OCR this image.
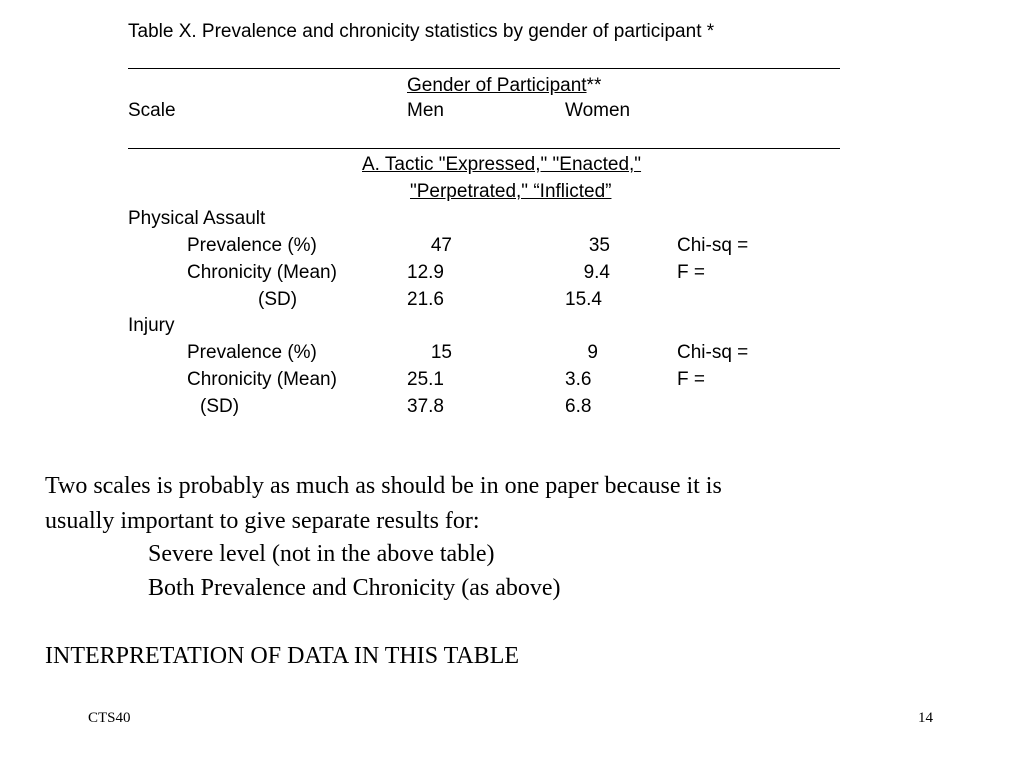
Table X. Prevalence and chronicity statistics by gender of participant *
Gender of Participant**
Scale	Men	Women
A. Tactic "Expressed," "Enacted,"
"Perpetrated," “Inflicted”
Physical Assault
Prevalence (%)	47	35	Chi-sq =
Chronicity (Mean)	12.9	9.4	F =
(SD)	21.6	15.4
Injury
Prevalence (%)	15	9	Chi-sq =
Chronicity (Mean)	25.1	3.6	F =
(SD)	37.8	6.8
Two scales is probably as much as should be in one paper because it is
usually important to give separate results for:
Severe level (not in the above table)
Both Prevalence and Chronicity (as above)
INTERPRETATION OF DATA IN THIS TABLE
CTS40	14
